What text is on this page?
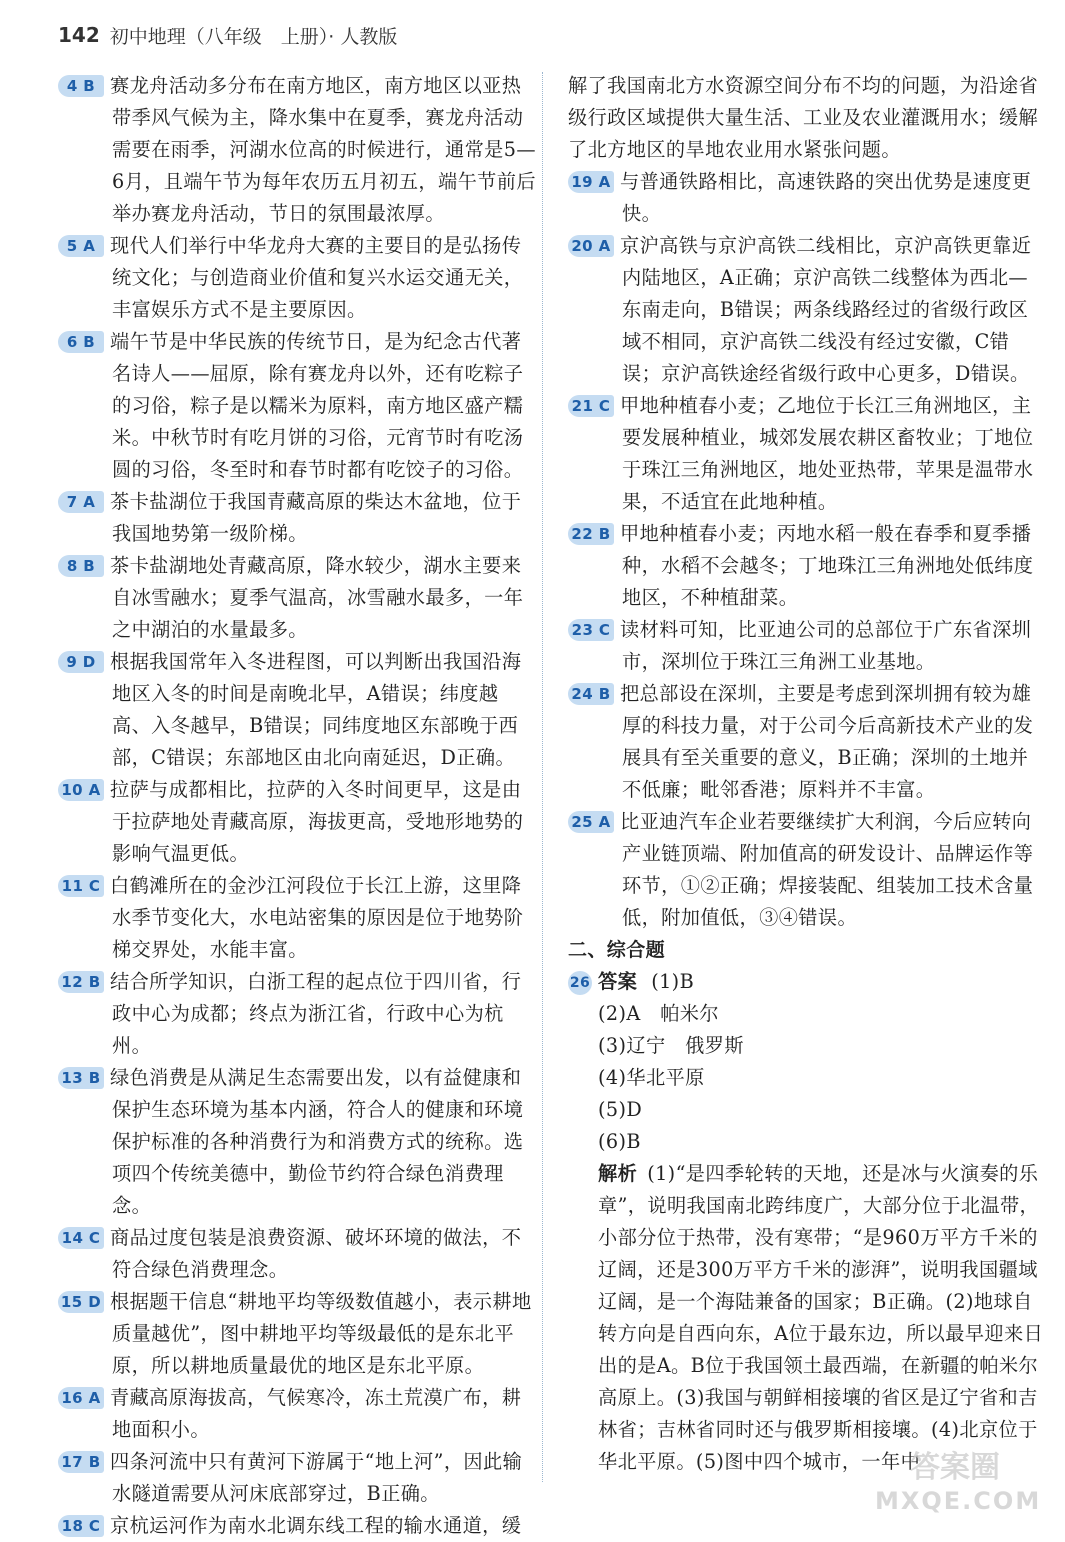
142 初中地理（八年级　上册）· 人教版

4 B 赛龙舟活动多分布在南方地区，南方地区以亚热带季风气候为主，降水集中在夏季，赛龙舟活动需要在雨季，河湖水位高的时候进行，通常是5—6月，且端午节为每年农历五月初五，端午节前后举办赛龙舟活动，节日的氛围最浓厚。

5 A 现代人们举行中华龙舟大赛的主要目的是弘扬传统文化；与创造商业价值和复兴水运交通无关，丰富娱乐方式不是主要原因。

6 B 端午节是中华民族的传统节日，是为纪念古代著名诗人——屈原，除有赛龙舟以外，还有吃粽子的习俗，粽子是以糯米为原料，南方地区盛产糯米。中秋节时有吃月饼的习俗，元宵节时有吃汤圆的习俗，冬至时和春节时都有吃饺子的习俗。

7 A 茶卡盐湖位于我国青藏高原的柴达木盆地，位于我国地势第一级阶梯。

8 B 茶卡盐湖地处青藏高原，降水较少，湖水主要来自冰雪融水；夏季气温高，冰雪融水最多，一年之中湖泊的水量最多。

9 D 根据我国常年入冬进程图，可以判断出我国沿海地区入冬的时间是南晚北早，A错误；纬度越高、入冬越早，B错误；同纬度地区东部晚于西部，C错误；东部地区由北向南延迟，D正确。

10 A 拉萨与成都相比，拉萨的入冬时间更早，这是由于拉萨地处青藏高原，海拔更高，受地形地势的影响气温更低。

11 C 白鹤滩所在的金沙江河段位于长江上游，这里降水季节变化大，水电站密集的原因是位于地势阶梯交界处，水能丰富。

12 B 结合所学知识，白浙工程的起点位于四川省，行政中心为成都；终点为浙江省，行政中心为杭州。

13 B 绿色消费是从满足生态需要出发，以有益健康和保护生态环境为基本内涵，符合人的健康和环境保护标准的各种消费行为和消费方式的统称。选项四个传统美德中，勤俭节约符合绿色消费理念。

14 C 商品过度包装是浪费资源、破坏环境的做法，不符合绿色消费理念。

15 D 根据题干信息“耕地平均等级数值越小，表示耕地质量越优”，图中耕地平均等级最低的是东北平原，所以耕地质量最优的地区是东北平原。

16 A 青藏高原海拔高，气候寒冷，冻土荒漠广布，耕地面积小。

17 B 四条河流中只有黄河下游属于“地上河”，因此输水隧道需要从河床底部穿过，B正确。

18 C 京杭运河作为南水北调东线工程的输水通道，缓

解了我国南北方水资源空间分布不均的问题，为沿途省级行政区域提供大量生活、工业及农业灌溉用水；缓解了北方地区的旱地农业用水紧张问题。

19 A 与普通铁路相比，高速铁路的突出优势是速度更快。

20 A 京沪高铁与京沪高铁二线相比，京沪高铁更靠近内陆地区，A正确；京沪高铁二线整体为西北—东南走向，B错误；两条线路经过的省级行政区域不相同，京沪高铁二线没有经过安徽，C错误；京沪高铁途经省级行政中心更多，D错误。

21 C 甲地种植春小麦；乙地位于长江三角洲地区，主要发展种植业，城郊发展农耕区畜牧业；丁地位于珠江三角洲地区，地处亚热带，苹果是温带水果，不适宜在此地种植。

22 B 甲地种植春小麦；丙地水稻一般在春季和夏季播种，水稻不会越冬；丁地珠江三角洲地处低纬度地区，不种植甜菜。

23 C 读材料可知，比亚迪公司的总部位于广东省深圳市，深圳位于珠江三角洲工业基地。

24 B 把总部设在深圳，主要是考虑到深圳拥有较为雄厚的科技力量，对于公司今后高新技术产业的发展具有至关重要的意义，B正确；深圳的土地并不低廉；毗邻香港；原料并不丰富。

25 A 比亚迪汽车企业若要继续扩大利润，今后应转向产业链顶端、附加值高的研发设计、品牌运作等环节，①②正确；焊接装配、组装加工技术含量低，附加值低，③④错误。

二、综合题

26 答案 (1)B

(2)A　帕米尔

(3)辽宁　俄罗斯

(4)华北平原

(5)D

(6)B

解析 (1)“是四季轮转的天地，还是冰与火演奏的乐章”，说明我国南北跨纬度广，大部分位于北温带，小部分位于热带，没有寒带；“是960万平方千米的辽阔，还是300万平方千米的澎湃”，说明我国疆域辽阔，是一个海陆兼备的国家；B正确。(2)地球自转方向是自西向东，A位于最东边，所以最早迎来日出的是A。B位于我国领土最西端，在新疆的帕米尔高原上。(3)我国与朝鲜相接壤的省区是辽宁省和吉林省；吉林省同时还与俄罗斯相接壤。(4)北京位于华北平原。(5)图中四个城市，一年中

答案圈
MXQE.COM
